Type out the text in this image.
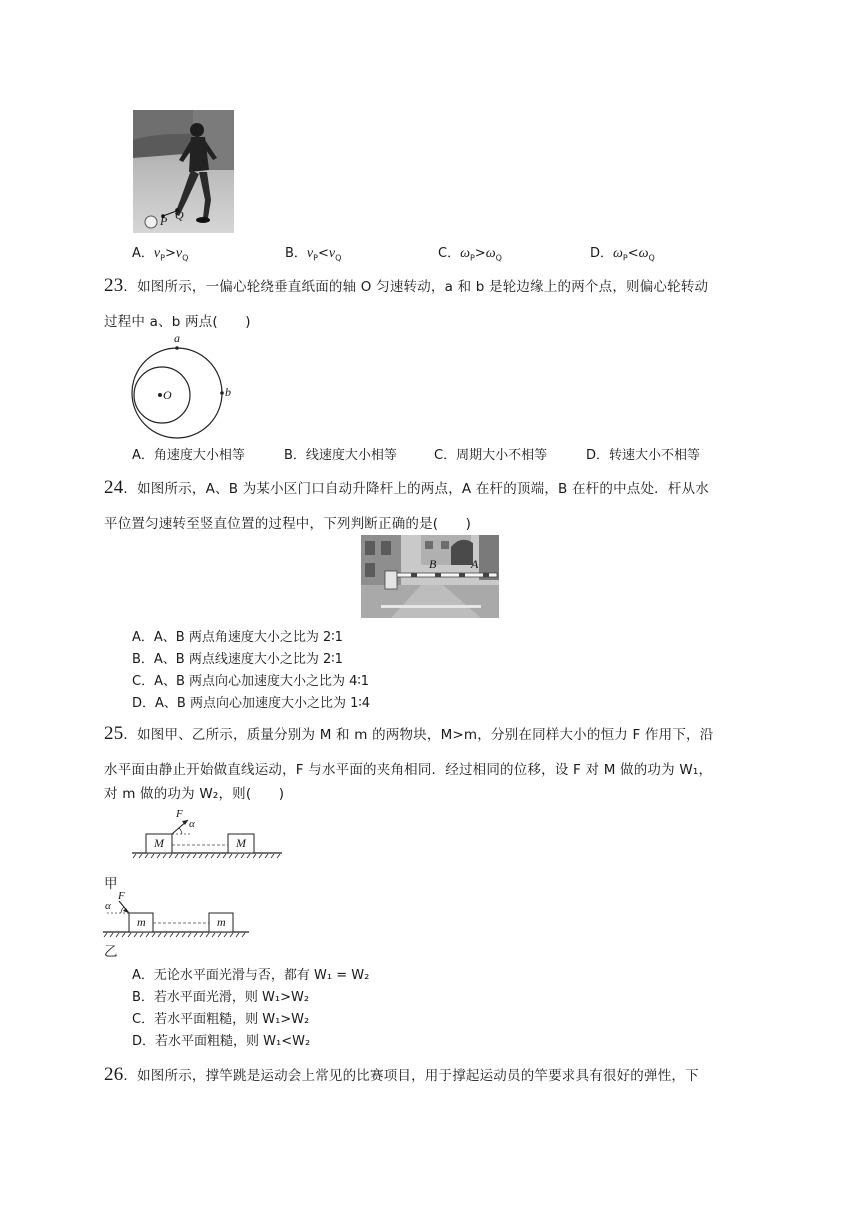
P Q
A．$v_P>v_Q$	B．$v_P<v_Q$	C．$\omega_P>\omega_Q$	D．$\omega_P<\omega_Q$
23．如图所示，一偏心轮绕垂直纸面的轴 O 匀速转动，a 和 b 是轮边缘上的两个点，则偏心轮转动
过程中 a、b 两点(　　)
a
O	b
A．角速度大小相等	B．线速度大小相等	C．周期大小不相等	D．转速大小不相等
24．如图所示，A、B 为某小区门口自动升降杆上的两点，A 在杆的顶端，B 在杆的中点处．杆从水
平位置匀速转至竖直位置的过程中，下列判断正确的是(　　)
B	A
A．A、B 两点角速度大小之比为 2∶1
B．A、B 两点线速度大小之比为 2∶1
C．A、B 两点向心加速度大小之比为 4∶1
D．A、B 两点向心加速度大小之比为 1∶4
25．如图甲、乙所示，质量分别为 M 和 m 的两物块，M>m，分别在同样大小的恒力 F 作用下，沿
水平面由静止开始做直线运动，F 与水平面的夹角相同．经过相同的位移，设 F 对 M 做的功为 W₁，
对 m 做的功为 W₂，则(　　)
F
α
M	M
甲
F
α
m	m
乙
A．无论水平面光滑与否，都有 W₁ = W₂
B．若水平面光滑，则 W₁>W₂
C．若水平面粗糙，则 W₁>W₂
D．若水平面粗糙，则 W₁<W₂
26．如图所示，撑竿跳是运动会上常见的比赛项目，用于撑起运动员的竿要求具有很好的弹性，下
